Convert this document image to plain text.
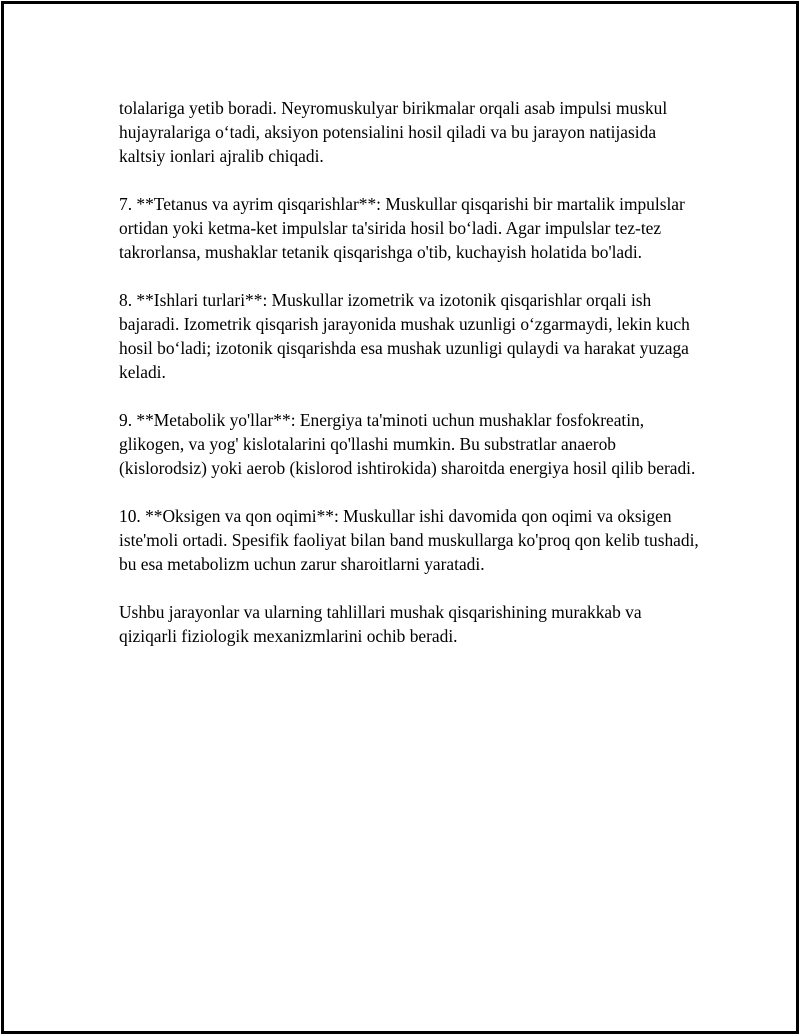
tolalariga yetib boradi. Neyromuskulyar birikmalar orqali asab impulsi muskul hujayralariga o‘tadi, aksiyon potensialini hosil qiladi va bu jarayon natijasida kaltsiy ionlari ajralib chiqadi.

7. **Tetanus va ayrim qisqarishlar**: Muskullar qisqarishi bir martalik impulslar ortidan yoki ketma-ket impulslar ta'sirida hosil bo‘ladi. Agar impulslar tez-tez takrorlansa, mushaklar tetanik qisqarishga o'tib, kuchayish holatida bo'ladi.

8. **Ishlari turlari**: Muskullar izometrik va izotonik qisqarishlar orqali ish bajaradi. Izometrik qisqarish jarayonida mushak uzunligi o‘zgarmaydi, lekin kuch hosil bo‘ladi; izotonik qisqarishda esa mushak uzunligi qulaydi va harakat yuzaga keladi.

9. **Metabolik yo'llar**: Energiya ta'minoti uchun mushaklar fosfokreatin, glikogen, va yog' kislotalarini qo'llashi mumkin. Bu substratlar anaerob (kislorodsiz) yoki aerob (kislorod ishtirokida) sharoitda energiya hosil qilib beradi.

10. **Oksigen va qon oqimi**: Muskullar ishi davomida qon oqimi va oksigen iste'moli ortadi. Spesifik faoliyat bilan band muskullarga ko'proq qon kelib tushadi, bu esa metabolizm uchun zarur sharoitlarni yaratadi.

Ushbu jarayonlar va ularning tahlillari mushak qisqarishining murakkab va qiziqarli fiziologik mexanizmlarini ochib beradi.
